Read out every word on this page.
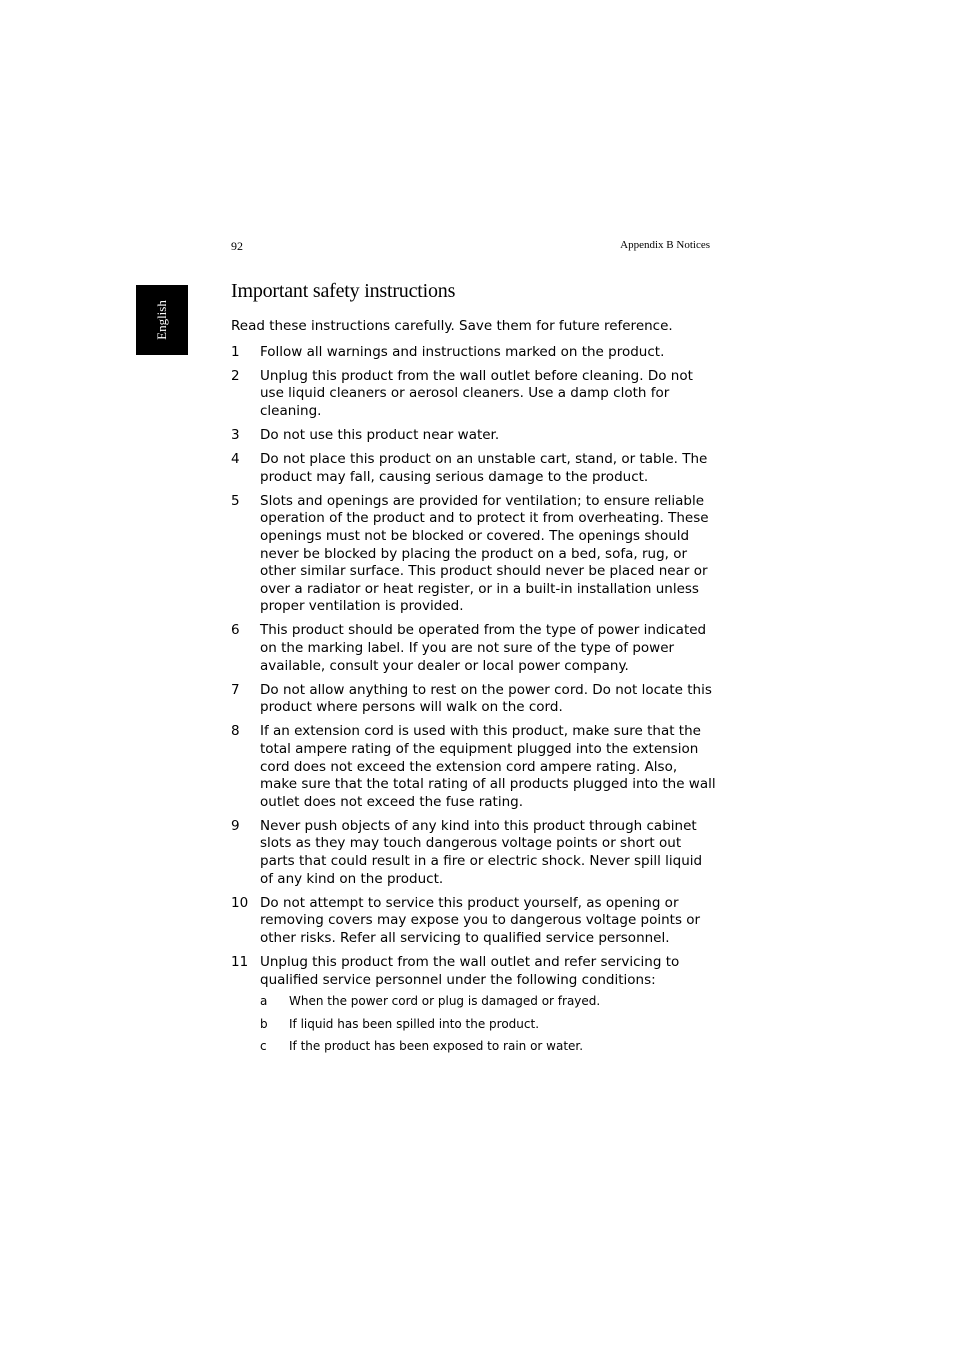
92	Appendix B Notices
English
Important safety instructions

Read these instructions carefully. Save them for future reference.

1	Follow all warnings and instructions marked on the product.
2	Unplug this product from the wall outlet before cleaning. Do not use liquid cleaners or aerosol cleaners. Use a damp cloth for cleaning.
3	Do not use this product near water.
4	Do not place this product on an unstable cart, stand, or table. The product may fall, causing serious damage to the product.
5	Slots and openings are provided for ventilation; to ensure reliable operation of the product and to protect it from overheating. These openings must not be blocked or covered. The openings should never be blocked by placing the product on a bed, sofa, rug, or other similar surface. This product should never be placed near or over a radiator or heat register, or in a built-in installation unless proper ventilation is provided.
6	This product should be operated from the type of power indicated on the marking label. If you are not sure of the type of power available, consult your dealer or local power company.
7	Do not allow anything to rest on the power cord. Do not locate this product where persons will walk on the cord.
8	If an extension cord is used with this product, make sure that the total ampere rating of the equipment plugged into the extension cord does not exceed the extension cord ampere rating. Also, make sure that the total rating of all products plugged into the wall outlet does not exceed the fuse rating.
9	Never push objects of any kind into this product through cabinet slots as they may touch dangerous voltage points or short out parts that could result in a fire or electric shock. Never spill liquid of any kind on the product.
10 Do not attempt to service this product yourself, as opening or removing covers may expose you to dangerous voltage points or other risks. Refer all servicing to qualified service personnel.
11 Unplug this product from the wall outlet and refer servicing to qualified service personnel under the following conditions:
a	When the power cord or plug is damaged or frayed.
b	If liquid has been spilled into the product.
c	If the product has been exposed to rain or water.
